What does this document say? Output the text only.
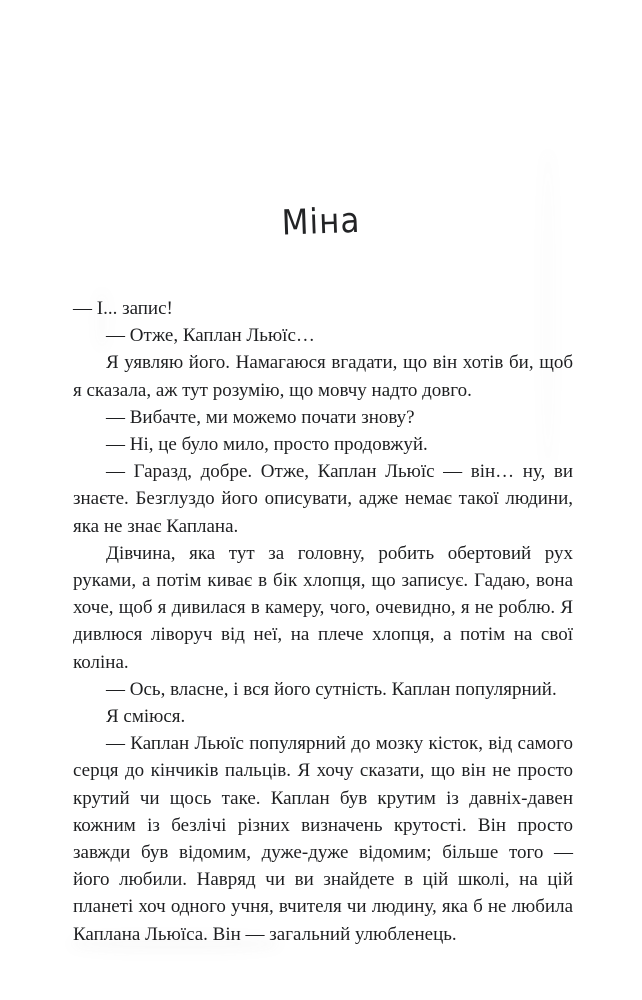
Міна

— І... запис!

— Отже, Каплан Льюїс…

Я уявляю його. Намагаюся вгадати, що він хотів би, щоб я сказала, аж тут розумію, що мовчу надто довго.

— Вибачте, ми можемо почати знову?

— Ні, це було мило, просто продовжуй.

— Гаразд, добре. Отже, Каплан Льюїс — він… ну, ви знаєте. Безглуздо його описувати, адже немає такої людини, яка не знає Каплана.

Дівчина, яка тут за головну, робить обертовий рух руками, а потім киває в бік хлопця, що записує. Гадаю, вона хоче, щоб я дивилася в камеру, чого, очевидно, я не роблю. Я дивлюся ліворуч від неї, на плече хлопця, а потім на свої коліна.

— Ось, власне, і вся його сутність. Каплан популярний.

Я сміюся.

— Каплан Льюїс популярний до мозку кісток, від самого серця до кінчиків пальців. Я хочу сказати, що він не просто крутий чи щось таке. Каплан був крутим із давніх-давен кожним із безлічі різних визначень крутості. Він просто завжди був відомим, дуже-дуже відомим; більше того — його любили. Навряд чи ви знайдете в цій школі, на цій планеті хоч одного учня, вчителя чи людину, яка б не любила Каплана Льюїса. Він — загальний улюбленець.
